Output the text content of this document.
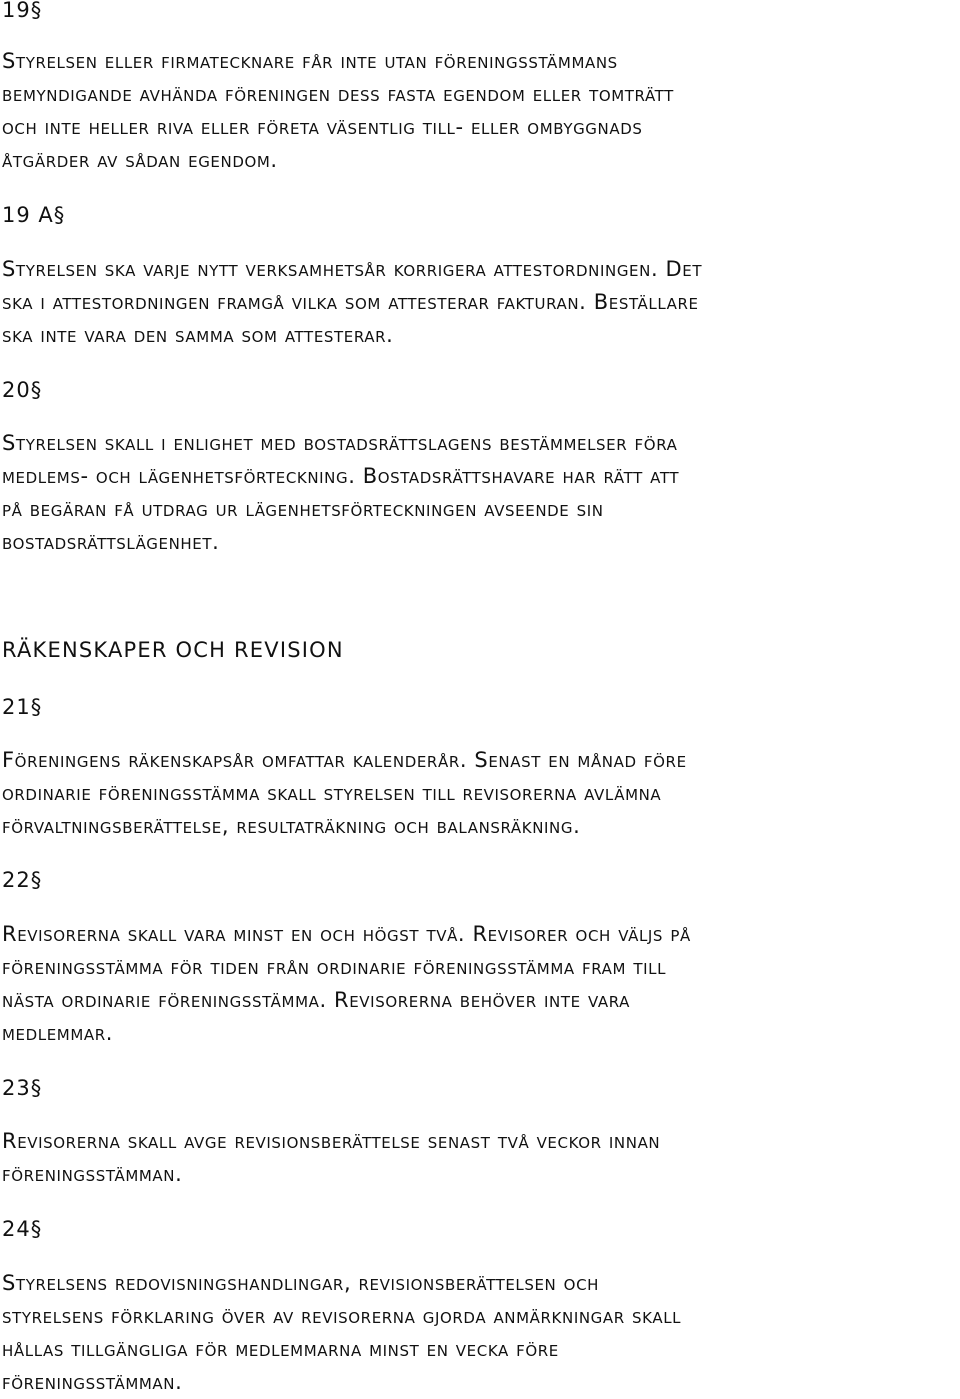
19§
Styrelsen eller firmatecknare får inte utan föreningsstämmans
bemyndigande avhända föreningen dess fasta egendom eller tomträtt
och inte heller riva eller företa väsentlig till- eller ombyggnads
åtgärder av sådan egendom.
19 A§
Styrelsen ska varje nytt verksamhetsår korrigera attestordningen. Det
ska i attestordningen framgå vilka som attesterar fakturan. Beställare
ska inte vara den samma som attesterar.
20§
Styrelsen skall i enlighet med bostadsrättslagens bestämmelser föra
medlems- och lägenhetsförteckning. Bostadsrättshavare har rätt att
på begäran få utdrag ur lägenhetsförteckningen avseende sin
bostadsrättslägenhet.
RÄKENSKAPER OCH REVISION
21§
Föreningens räkenskapsår omfattar kalenderår. Senast en månad före
ordinarie föreningsstämma skall styrelsen till revisorerna avlämna
förvaltningsberättelse, resultaträkning och balansräkning.
22§
Revisorerna skall vara minst en och högst två. Revisorer och väljs på
föreningsstämma för tiden från ordinarie föreningsstämma fram till
nästa ordinarie föreningsstämma. Revisorerna behöver inte vara
medlemmar.
23§
Revisorerna skall avge revisionsberättelse senast två veckor innan
föreningsstämman.
24§
Styrelsens redovisningshandlingar, revisionsberättelsen och
styrelsens förklaring över av revisorerna gjorda anmärkningar skall
hållas tillgängliga för medlemmarna minst en vecka före
föreningsstämman.
